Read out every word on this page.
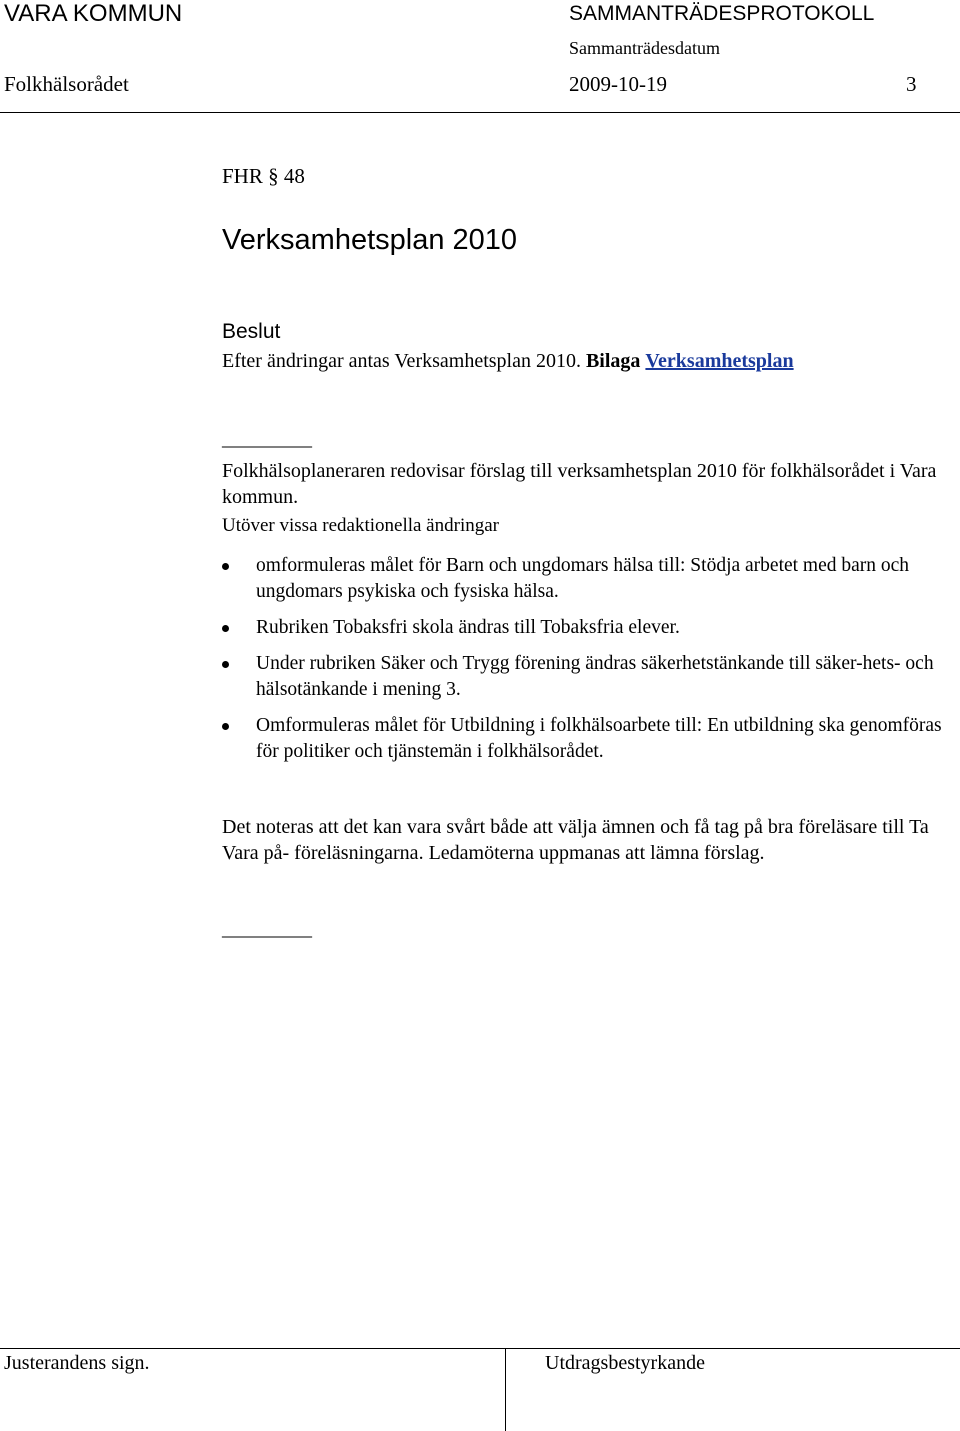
VARA KOMMUN	SAMMANTRÄDESPROTOKOLL
Sammanträdesdatum
Folkhälsorådet	2009-10-19	3
FHR § 48
Verksamhetsplan 2010
Beslut
Efter ändringar antas Verksamhetsplan 2010. Bilaga Verksamhetsplan
_________
Folkhälsoplaneraren redovisar förslag till verksamhetsplan 2010 för folkhälsorådet i Vara kommun.
Utöver vissa redaktionella ändringar
omformuleras målet för Barn och ungdomars hälsa till: Stödja arbetet med barn och ungdomars psykiska och fysiska hälsa.
Rubriken Tobaksfri skola ändras till Tobaksfria elever.
Under rubriken Säker och Trygg förening ändras säkerhetstänkande till säker-hets- och hälsotänkande i mening 3.
Omformuleras målet för Utbildning i folkhälsoarbete till: En utbildning ska genomföras för politiker och tjänstemän i folkhälsorådet.
Det noteras att det kan vara svårt både att välja ämnen och få tag på bra föreläsare till Ta Vara på- föreläsningarna. Ledamöterna uppmanas att lämna förslag.
_________
Justerandens sign.	Utdragsbestyrkande
